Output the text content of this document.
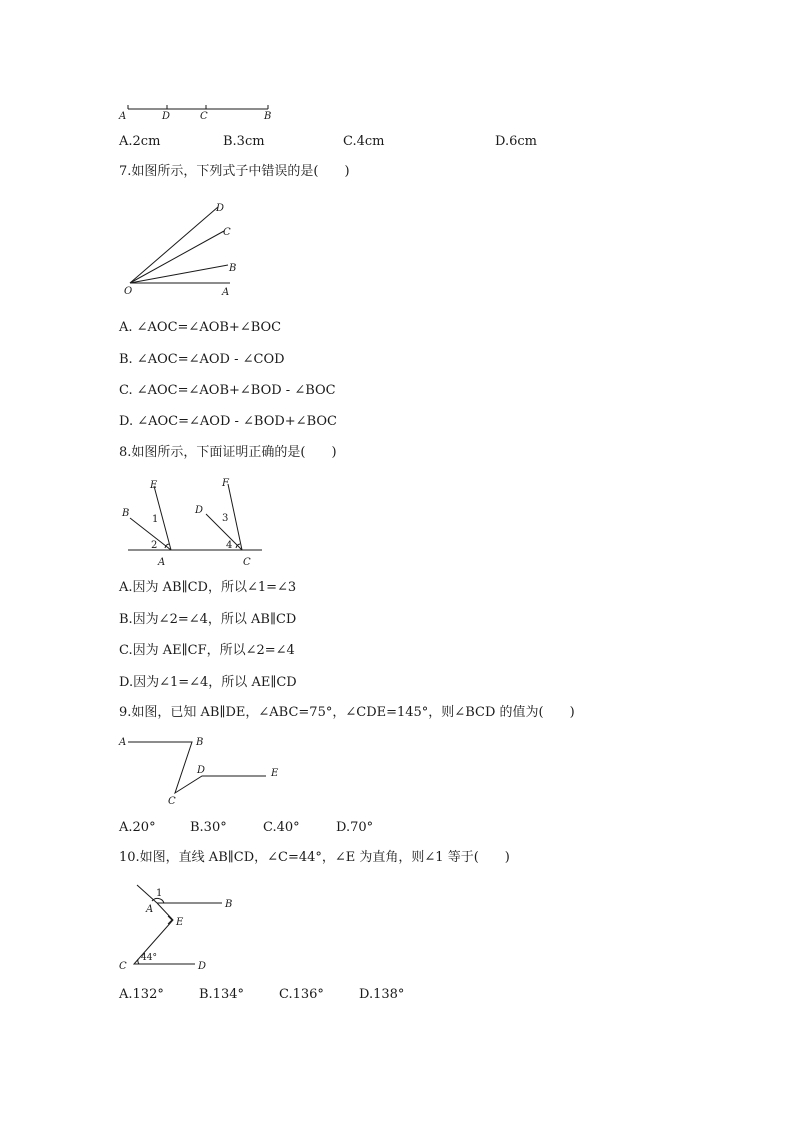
A	D	C	B
A.2cm	B.3cm	C.4cm	D.6cm
7.如图所示，下列式子中错误的是(　　)
O	A
B
C
D
A. ∠AOC=∠AOB+∠BOC
B. ∠AOC=∠AOD - ∠COD
C. ∠AOC=∠AOB+∠BOD - ∠BOC
D. ∠AOC=∠AOD - ∠BOD+∠BOC
8.如图所示，下面证明正确的是(　　)
E
B
A
F
D
C
1
2
3
4
A.因为 AB∥CD，所以∠1=∠3
B.因为∠2=∠4，所以 AB∥CD
C.因为 AE∥CF，所以∠2=∠4
D.因为∠1=∠4，所以 AE∥CD
9.如图，已知 AB∥DE，∠ABC=75°，∠CDE=145°，则∠BCD 的值为(　　)
A	B
C
D	E
A.20°	B.30°	C.40°	D.70°
10.如图，直线 AB∥CD，∠C=44°，∠E 为直角，则∠1 等于(　　)
A	B
E
C	D
1
44°
A.132°	B.134°	C.136°	D.138°
